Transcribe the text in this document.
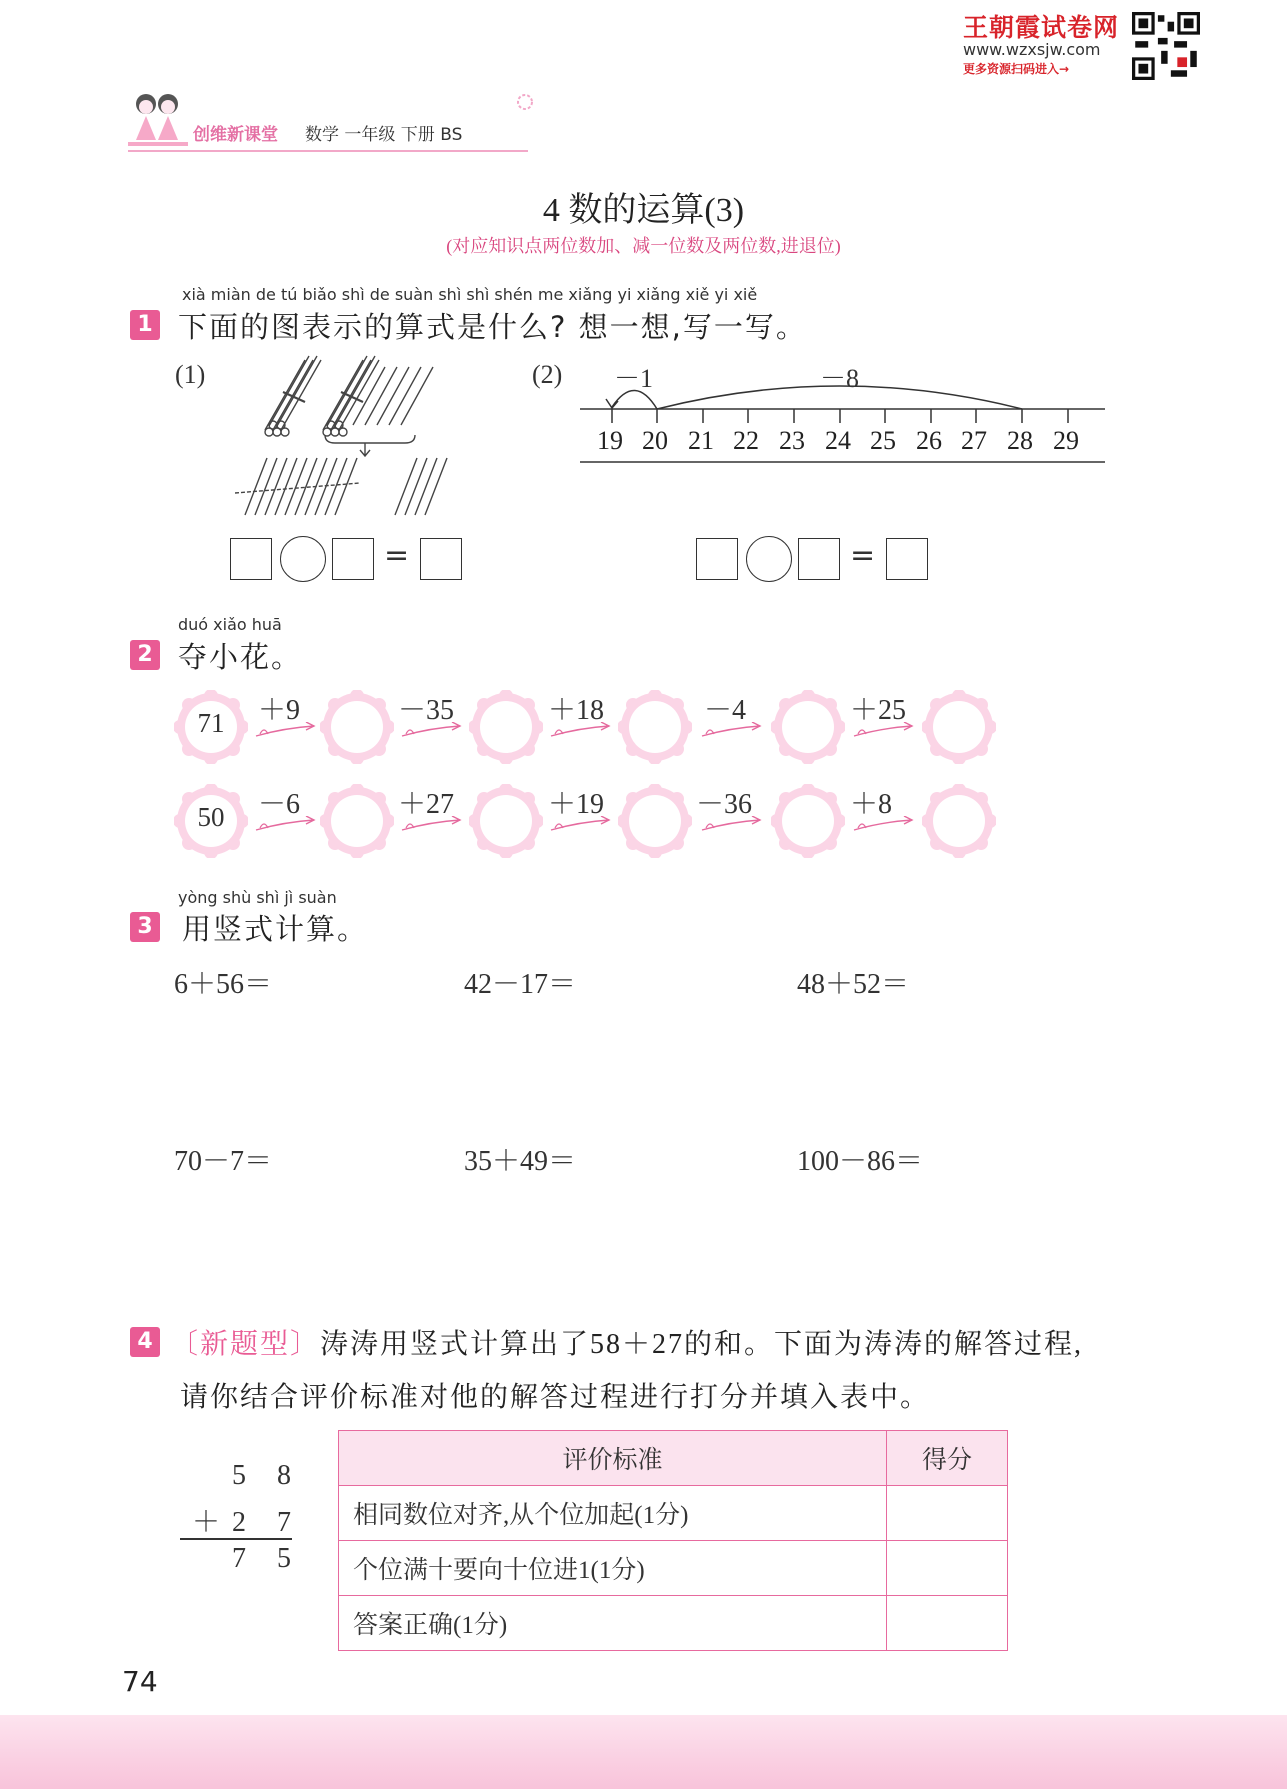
王朝霞试卷网
www.wzxsjw.com
更多资源扫码进入→
创维新课堂 数学 一年级 下册 BS
4 数的运算(3)
(对应知识点两位数加、减一位数及两位数,进退位)
xià miàn de tú biǎo shì de suàn shì shì shén me xiǎng yi xiǎng xiě yi xiě
1 下面的图表示的算式是什么? 想一想,写一写。
(1)	(2) －1	－8
19 20 21 22 23 24 25 26 27 28 29
=	=
duó xiǎo huā
2 夺小花。
71	＋9	－35	＋18	－4	＋25
50	－6	＋27	＋19	－36	＋8
yòng shù shì jì suàn
3 用竖式计算。
6＋56＝	42－17＝	48＋52＝
70－7＝	35＋49＝	100－86＝
4 〔新题型〕涛涛用竖式计算出了58＋27的和。下面为涛涛的解答过程,
请你结合评价标准对他的解答过程进行打分并填入表中。
5 8
＋2 7
7 5
评价标准	得分
相同数位对齐,从个位加起(1分)	
个位满十要向十位进1(1分)	
答案正确(1分)	
74
